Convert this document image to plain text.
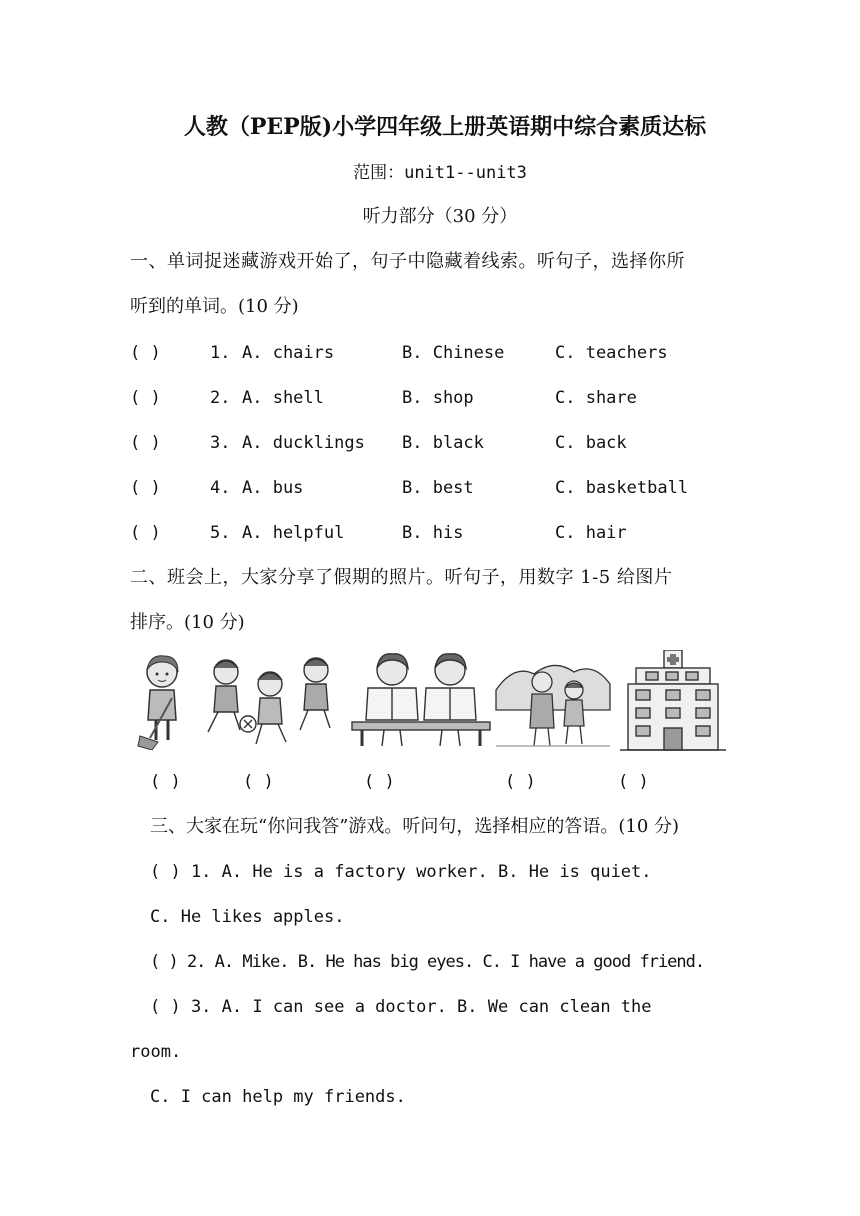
人教（PEP版)小学四年级上册英语期中综合素质达标
范围：unit1--unit3
听力部分（30 分）
一、单词捉迷藏游戏开始了，句子中隐藏着线索。听句子，选择你所
听到的单词。(10 分)
( )	1. A. chairs	B. Chinese	C. teachers
( )	2. A. shell	B. shop	C. share
( )	3. A. ducklings B. black	C. back
( )	4. A. bus	B. best	C. basketball
( )	5. A. helpful	B. his	C. hair
二、班会上，大家分享了假期的照片。听句子，用数字 1-5 给图片
排序。(10 分)
( )	( )	( )	( )	( )
三、大家在玩“你问我答”游戏。听问句，选择相应的答语。(10 分)
( ) 1. A. He is a factory worker. B. He is quiet.
C. He likes apples.
( ) 2. A. Mike. B. He has big eyes. C. I have a good friend.
( ) 3. A. I can see a doctor. B. We can clean the
room.
C. I can help my friends.
